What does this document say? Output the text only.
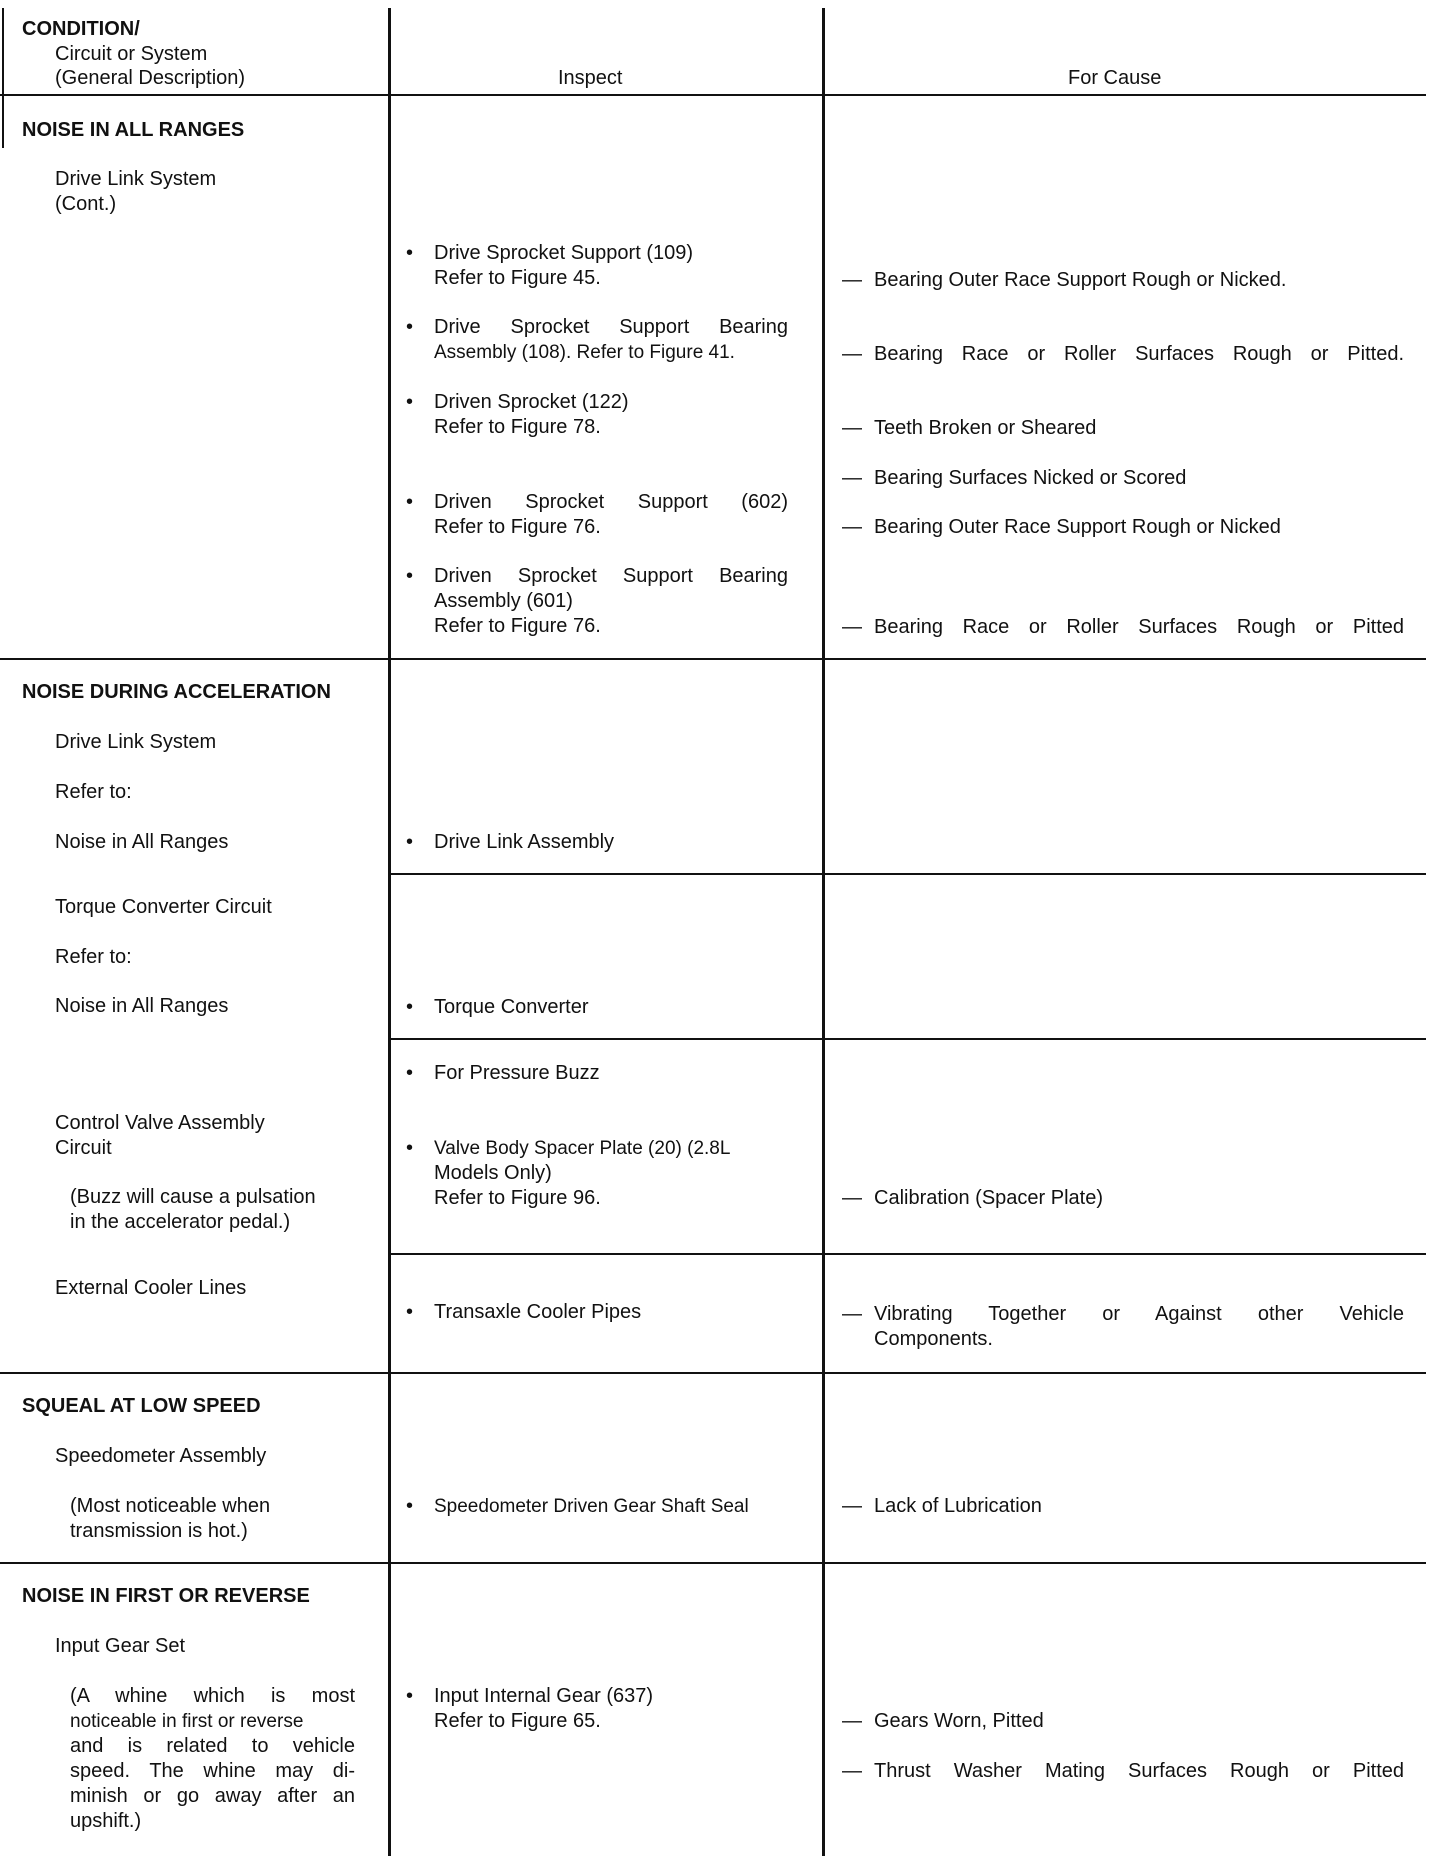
CONDITION/
Circuit or System
(General Description)	Inspect	For Cause
NOISE IN ALL RANGES
Drive Link System
(Cont.)
• Drive Sprocket Support (109)
Refer to Figure 45.	— Bearing Outer Race Support Rough or Nicked.
• Drive Sprocket Support Bearing
Assembly (108). Refer to Figure 41.	— Bearing Race or Roller Surfaces Rough or Pitted.
• Driven Sprocket (122)
Refer to Figure 78.	— Teeth Broken or Sheared
— Bearing Surfaces Nicked or Scored
• Driven Sprocket Support (602)
Refer to Figure 76.	— Bearing Outer Race Support Rough or Nicked
• Driven Sprocket Support Bearing
Assembly (601)
Refer to Figure 76.	— Bearing Race or Roller Surfaces Rough or Pitted
NOISE DURING ACCELERATION
Drive Link System
Refer to:
Noise in All Ranges	• Drive Link Assembly
Torque Converter Circuit
Refer to:
Noise in All Ranges	• Torque Converter
• For Pressure Buzz
Control Valve Assembly
Circuit
(Buzz will cause a pulsation
in the accelerator pedal.)
• Valve Body Spacer Plate (20) (2.8L
Models Only)
Refer to Figure 96.	— Calibration (Spacer Plate)
External Cooler Lines
• Transaxle Cooler Pipes	— Vibrating Together or Against other Vehicle
Components.
SQUEAL AT LOW SPEED
Speedometer Assembly
(Most noticeable when
transmission is hot.)
• Speedometer Driven Gear Shaft Seal	— Lack of Lubrication
NOISE IN FIRST OR REVERSE
Input Gear Set
(A whine which is most
noticeable in first or reverse
and is related to vehicle
speed. The whine may di-
minish or go away after an
upshift.)
• Input Internal Gear (637)
Refer to Figure 65.	— Gears Worn, Pitted
— Thrust Washer Mating Surfaces Rough or Pitted
